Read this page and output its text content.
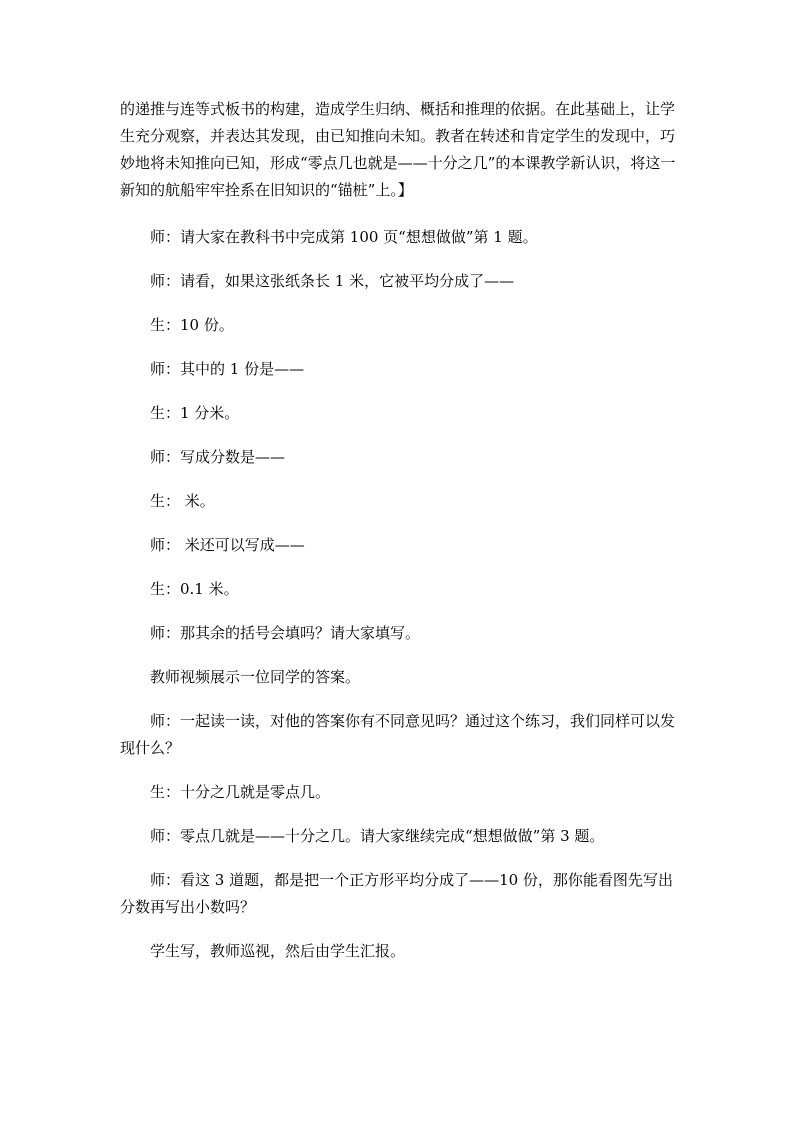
的递推与连等式板书的构建，造成学生归纳、概括和推理的依据。在此基础上，让学生充分观察，并表达其发现，由已知推向未知。教者在转述和肯定学生的发现中，巧妙地将未知推向已知，形成“零点几也就是——十分之几”的本课教学新认识，将这一新知的航船牢牢拴系在旧知识的“锚桩”上。】

师：请大家在教科书中完成第 100 页“想想做做”第 1 题。

师：请看，如果这张纸条长 1 米，它被平均分成了——

生：10 份。

师：其中的 1 份是——

生：1 分米。

师：写成分数是——

生： 米。

师： 米还可以写成——

生：0.1 米。

师：那其余的括号会填吗？请大家填写。

教师视频展示一位同学的答案。

师：一起读一读，对他的答案你有不同意见吗？通过这个练习，我们同样可以发现什么？

生：十分之几就是零点几。

师：零点几就是——十分之几。请大家继续完成“想想做做”第 3 题。

师：看这 3 道题，都是把一个正方形平均分成了——10 份，那你能看图先写出分数再写出小数吗？

学生写，教师巡视，然后由学生汇报。
